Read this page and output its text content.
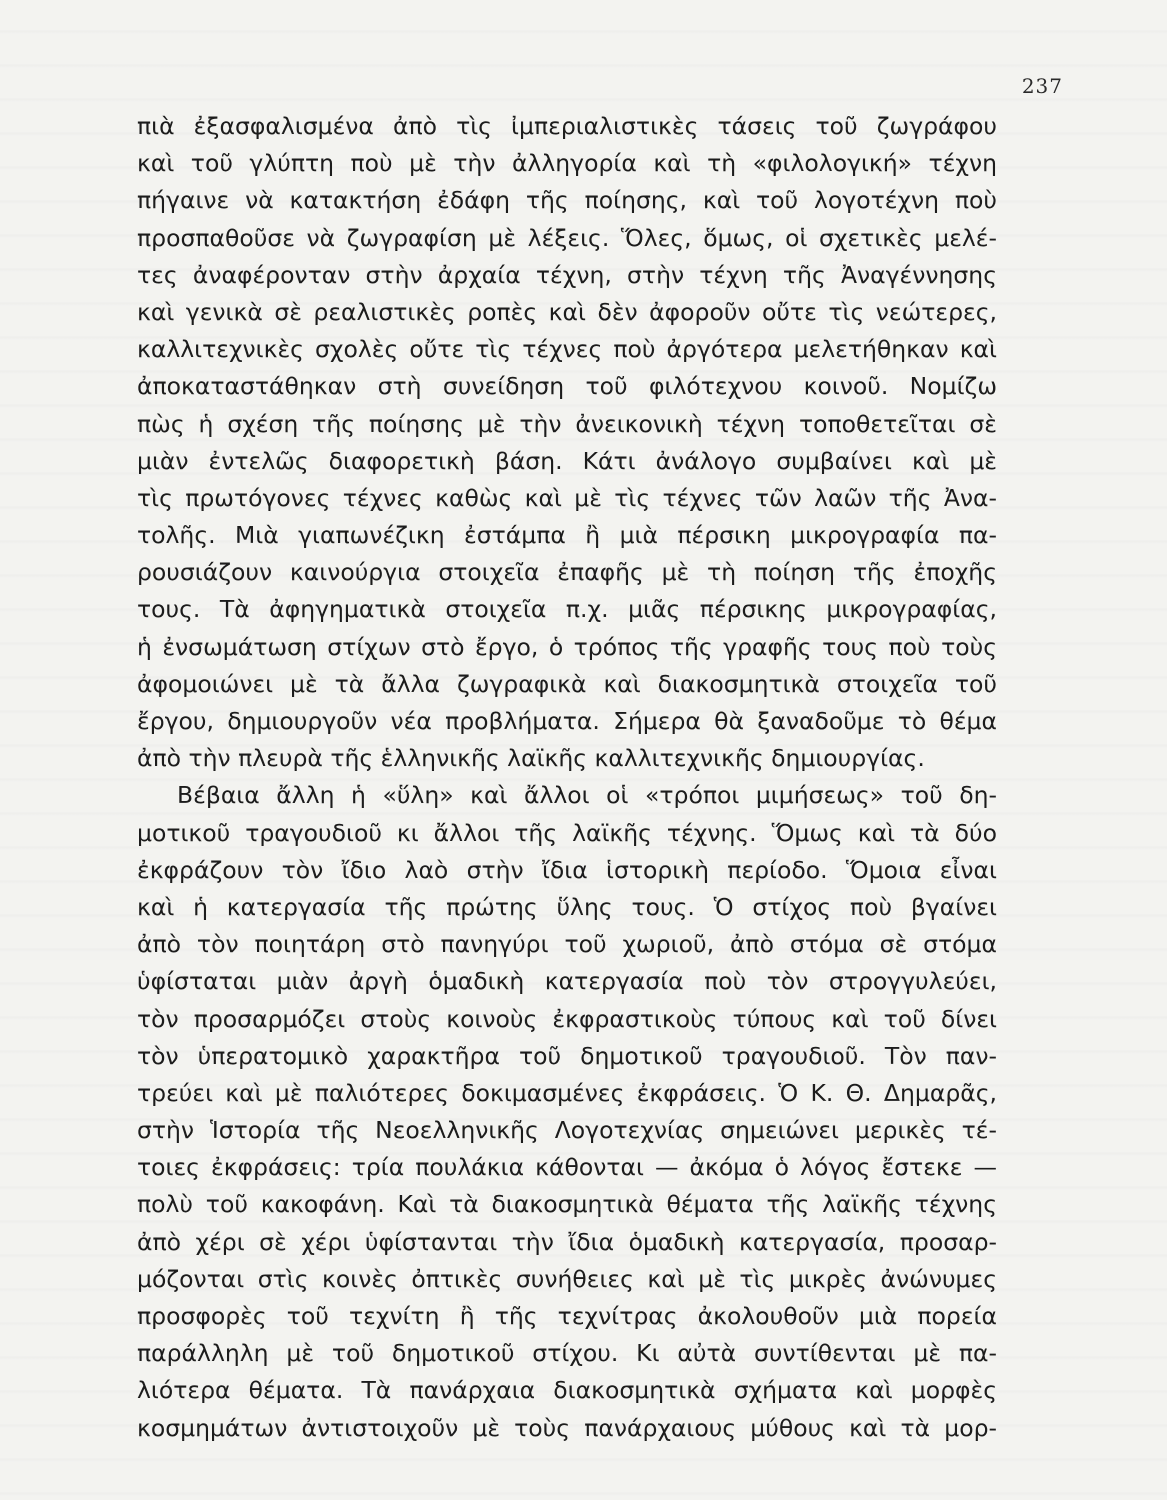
237
πιὰ ἐξασφαλισμένα ἀπὸ τὶς ἰμπεριαλιστικὲς τάσεις τοῦ ζωγράφου
καὶ τοῦ γλύπτη ποὺ μὲ τὴν ἀλληγορία καὶ τὴ «φιλολογική» τέχνη
πήγαινε νὰ κατακτήση ἐδάφη τῆς ποίησης, καὶ τοῦ λογοτέχνη ποὺ
προσπαθοῦσε νὰ ζωγραφίση μὲ λέξεις. Ὅλες, ὅμως, οἱ σχετικὲς μελέ-
τες ἀναφέρονταν στὴν ἀρχαία τέχνη, στὴν τέχνη τῆς Ἀναγέννησης
καὶ γενικὰ σὲ ρεαλιστικὲς ροπὲς καὶ δὲν ἀφοροῦν οὔτε τὶς νεώτερες,
καλλιτεχνικὲς σχολὲς οὔτε τὶς τέχνες ποὺ ἀργότερα μελετήθηκαν καὶ
ἀποκαταστάθηκαν στὴ συνείδηση τοῦ φιλότεχνου κοινοῦ. Νομίζω
πὼς ἡ σχέση τῆς ποίησης μὲ τὴν ἀνεικονικὴ τέχνη τοποθετεῖται σὲ
μιὰν ἐντελῶς διαφορετικὴ βάση. Κάτι ἀνάλογο συμβαίνει καὶ μὲ
τὶς πρωτόγονες τέχνες καθὼς καὶ μὲ τὶς τέχνες τῶν λαῶν τῆς Ἀνα-
τολῆς. Μιὰ γιαπωνέζικη ἐστάμπα ἢ μιὰ πέρσικη μικρογραφία πα-
ρουσιάζουν καινούργια στοιχεῖα ἐπαφῆς μὲ τὴ ποίηση τῆς ἐποχῆς
τους. Τὰ ἀφηγηματικὰ στοιχεῖα π.χ. μιᾶς πέρσικης μικρογραφίας,
ἡ ἐνσωμάτωση στίχων στὸ ἔργο, ὁ τρόπος τῆς γραφῆς τους ποὺ τοὺς
ἀφομοιώνει μὲ τὰ ἄλλα ζωγραφικὰ καὶ διακοσμητικὰ στοιχεῖα τοῦ
ἔργου, δημιουργοῦν νέα προβλήματα. Σήμερα θὰ ξαναδοῦμε τὸ θέμα
ἀπὸ τὴν πλευρὰ τῆς ἑλληνικῆς λαϊκῆς καλλιτεχνικῆς δημιουργίας.
Βέβαια ἄλλη ἡ «ὕλη» καὶ ἄλλοι οἱ «τρόποι μιμήσεως» τοῦ δη-
μοτικοῦ τραγουδιοῦ κι ἄλλοι τῆς λαϊκῆς τέχνης. Ὅμως καὶ τὰ δύο
ἐκφράζουν τὸν ἴδιο λαὸ στὴν ἴδια ἱστορικὴ περίοδο. Ὅμοια εἶναι
καὶ ἡ κατεργασία τῆς πρώτης ὕλης τους. Ὁ στίχος ποὺ βγαίνει
ἀπὸ τὸν ποιητάρη στὸ πανηγύρι τοῦ χωριοῦ, ἀπὸ στόμα σὲ στόμα
ὑφίσταται μιὰν ἀργὴ ὁμαδικὴ κατεργασία ποὺ τὸν στρογγυλεύει,
τὸν προσαρμόζει στοὺς κοινοὺς ἐκφραστικοὺς τύπους καὶ τοῦ δίνει
τὸν ὑπερατομικὸ χαρακτῆρα τοῦ δημοτικοῦ τραγουδιοῦ. Τὸν παν-
τρεύει καὶ μὲ παλιότερες δοκιμασμένες ἐκφράσεις. Ὁ Κ. Θ. Δημαρᾶς,
στὴν Ἱστορία τῆς Νεοελληνικῆς Λογοτεχνίας σημειώνει μερικὲς τέ-
τοιες ἐκφράσεις: τρία πουλάκια κάθονται — ἀκόμα ὁ λόγος ἔστεκε —
πολὺ τοῦ κακοφάνη. Καὶ τὰ διακοσμητικὰ θέματα τῆς λαϊκῆς τέχνης
ἀπὸ χέρι σὲ χέρι ὑφίστανται τὴν ἴδια ὁμαδικὴ κατεργασία, προσαρ-
μόζονται στὶς κοινὲς ὀπτικὲς συνήθειες καὶ μὲ τὶς μικρὲς ἀνώνυμες
προσφορὲς τοῦ τεχνίτη ἢ τῆς τεχνίτρας ἀκολουθοῦν μιὰ πορεία
παράλληλη μὲ τοῦ δημοτικοῦ στίχου. Κι αὐτὰ συντίθενται μὲ πα-
λιότερα θέματα. Τὰ πανάρχαια διακοσμητικὰ σχήματα καὶ μορφὲς
κοσμημάτων ἀντιστοιχοῦν μὲ τοὺς πανάρχαιους μύθους καὶ τὰ μορ-
